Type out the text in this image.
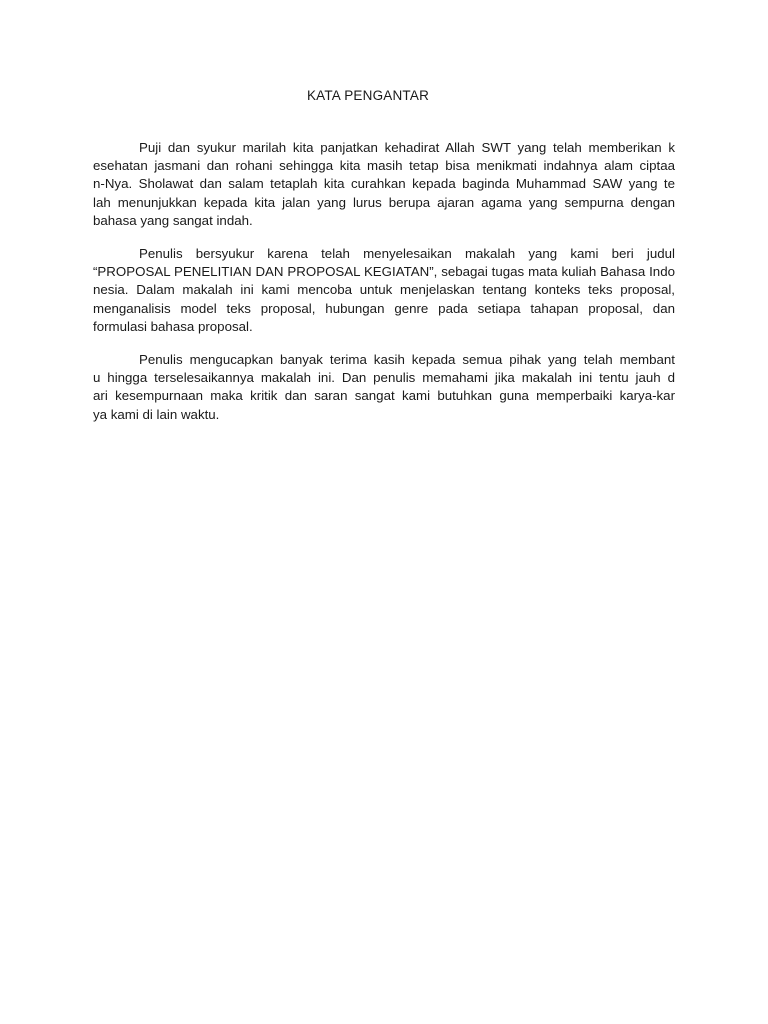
KATA PENGANTAR

Puji dan syukur marilah kita panjatkan kehadirat Allah SWT yang telah memberikan k
esehatan jasmani dan rohani sehingga kita masih tetap bisa menikmati indahnya alam ciptaa
n-Nya. Sholawat dan salam tetaplah kita curahkan kepada baginda Muhammad SAW yang te
lah menunjukkan kepada kita jalan yang lurus berupa ajaran agama yang sempurna dengan
bahasa yang sangat indah.

Penulis bersyukur karena telah menyelesaikan makalah yang kami beri judul
“PROPOSAL PENELITIAN DAN PROPOSAL KEGIATAN”, sebagai tugas mata kuliah Bahasa Indo
nesia. Dalam makalah ini kami mencoba untuk menjelaskan tentang konteks teks proposal,
menganalisis model teks proposal, hubungan genre pada setiapa tahapan proposal, dan
formulasi bahasa proposal.

Penulis mengucapkan banyak terima kasih kepada semua pihak yang telah membant
u hingga terselesaikannya makalah ini. Dan penulis memahami jika makalah ini tentu jauh d
ari kesempurnaan maka kritik dan saran sangat kami butuhkan guna memperbaiki karya-kar
ya kami di lain waktu.
